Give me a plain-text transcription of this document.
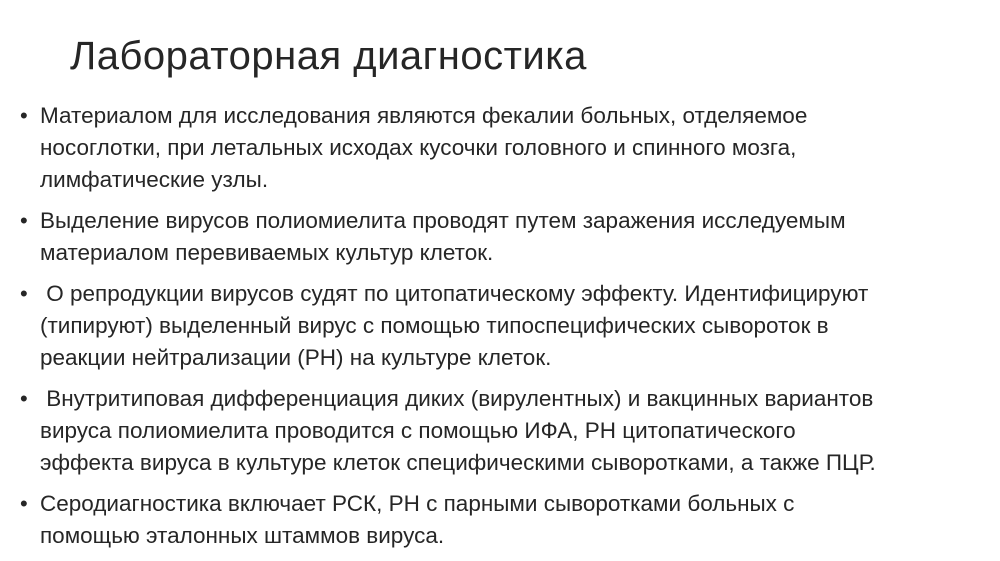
Лабораторная диагностика
• Материалом для исследования являются фекалии больных, отделяемое
носоглотки, при летальных исходах кусочки головного и спинного мозга,
лимфатические узлы.
• Выделение вирусов полиомиелита проводят путем заражения исследуемым
материалом перевиваемых культур клеток.
• О репродукции вирусов судят по цитопатическому эффекту. Идентифицируют
(типируют) выделенный вирус с помощью типоспецифических сывороток в
реакции нейтрализации (РН) на культуре клеток.
• Внутритиповая дифференциация диких (вирулентных) и вакцинных вариантов
вируса полиомиелита проводится с помощью ИФА, РН цитопатического
эффекта вируса в культуре клеток специфическими сыворотками, а также ПЦР.
• Серодиагностика включает РСК, РН с парными сыворотками больных с
помощью эталонных штаммов вируса.
